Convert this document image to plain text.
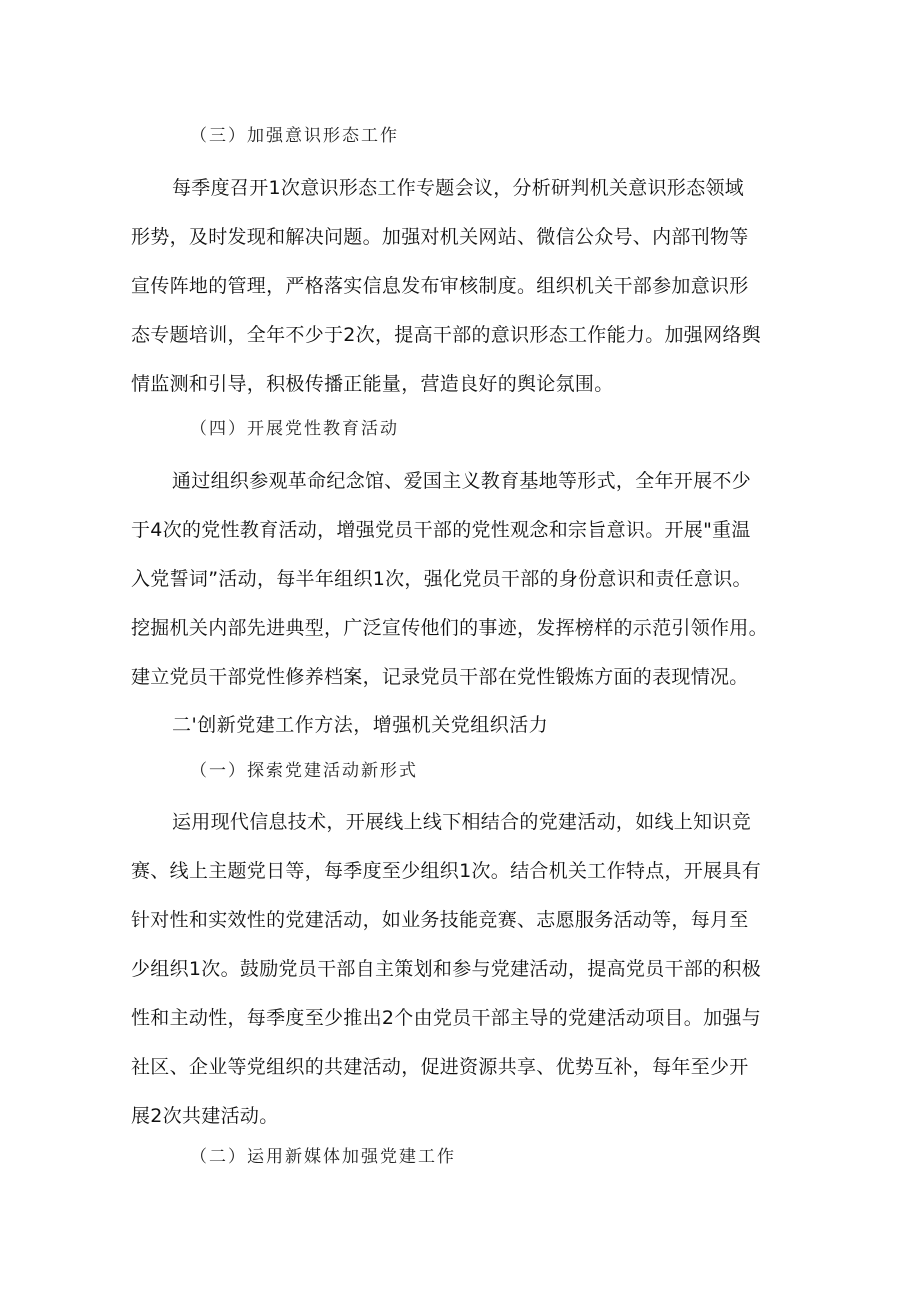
（三）加强意识形态工作
每季度召开1次意识形态工作专题会议，分析研判机关意识形态领域
形势，及时发现和解决问题。加强对机关网站、微信公众号、内部刊物等
宣传阵地的管理，严格落实信息发布审核制度。组织机关干部参加意识形
态专题培训，全年不少于2次，提高干部的意识形态工作能力。加强网络舆
情监测和引导，积极传播正能量，营造良好的舆论氛围。
（四）开展党性教育活动
通过组织参观革命纪念馆、爱国主义教育基地等形式，全年开展不少
于4次的党性教育活动，增强党员干部的党性观念和宗旨意识。开展"重温
入党誓词”活动，每半年组织1次，强化党员干部的身份意识和责任意识。
挖掘机关内部先进典型，广泛宣传他们的事迹，发挥榜样的示范引领作用。
建立党员干部党性修养档案，记录党员干部在党性锻炼方面的表现情况。
二'创新党建工作方法，增强机关党组织活力
（一）探索党建活动新形式
运用现代信息技术，开展线上线下相结合的党建活动，如线上知识竞
赛、线上主题党日等，每季度至少组织1次。结合机关工作特点，开展具有
针对性和实效性的党建活动，如业务技能竞赛、志愿服务活动等，每月至
少组织1次。鼓励党员干部自主策划和参与党建活动，提高党员干部的积极
性和主动性，每季度至少推出2个由党员干部主导的党建活动项目。加强与
社区、企业等党组织的共建活动，促进资源共享、优势互补，每年至少开
展2次共建活动。
（二）运用新媒体加强党建工作
